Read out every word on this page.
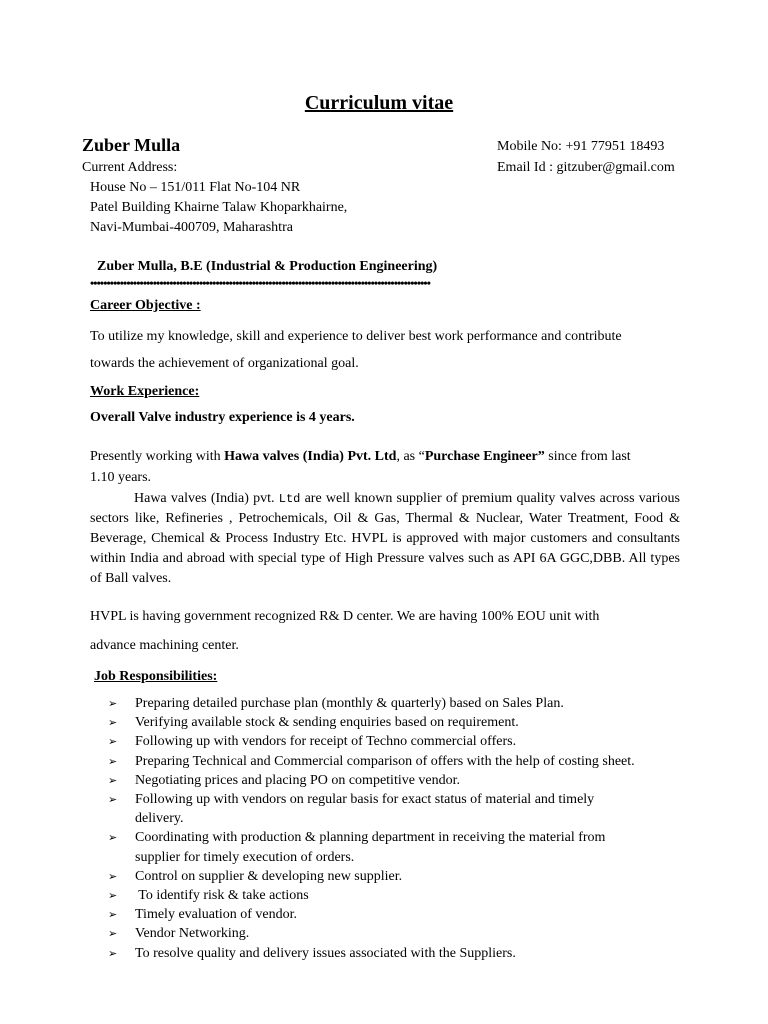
Curriculum vitae
Zuber Mulla	Mobile No: +91 77951 18493
Email Id : gitzuber@gmail.com
Current Address:
House No – 151/011 Flat No-104 NR
Patel Building Khairne Talaw Khoparkhairne,
Navi-Mumbai-400709, Maharashtra
Zuber Mulla, B.E (Industrial & Production Engineering)
•••••••••••••••••••••••••••••••••••••••••••••••••••••••••••••••••••••••••••••••••••••••••••••••••••••••
Career Objective :
To utilize my knowledge, skill and experience to deliver best work performance and contribute
towards the achievement of organizational goal.
Work Experience:
Overall Valve industry experience is 4 years.
Presently working with Hawa valves (India) Pvt. Ltd, as “Purchase Engineer” since from last
1.10 years.
Hawa valves (India) pvt. Ltd are well known supplier of premium quality valves across various sectors like, Refineries , Petrochemicals, Oil & Gas, Thermal & Nuclear, Water Treatment, Food & Beverage, Chemical & Process Industry Etc. HVPL is approved with major customers and consultants within India and abroad with special type of High Pressure valves such as API 6A GGC,DBB. All types of Ball valves.
HVPL is having government recognized R& D center. We are having 100% EOU unit with
advance machining center.
Job Responsibilities:
➢ Preparing detailed purchase plan (monthly & quarterly) based on Sales Plan.
➢ Verifying available stock & sending enquiries based on requirement.
➢ Following up with vendors for receipt of Techno commercial offers.
➢ Preparing Technical and Commercial comparison of offers with the help of costing sheet.
➢ Negotiating prices and placing PO on competitive vendor.
➢ Following up with vendors on regular basis for exact status of material and timely delivery.
➢ Coordinating with production & planning department in receiving the material from supplier for timely execution of orders.
➢ Control on supplier & developing new supplier.
➢ To identify risk & take actions
➢ Timely evaluation of vendor.
➢ Vendor Networking.
➢ To resolve quality and delivery issues associated with the Suppliers.
